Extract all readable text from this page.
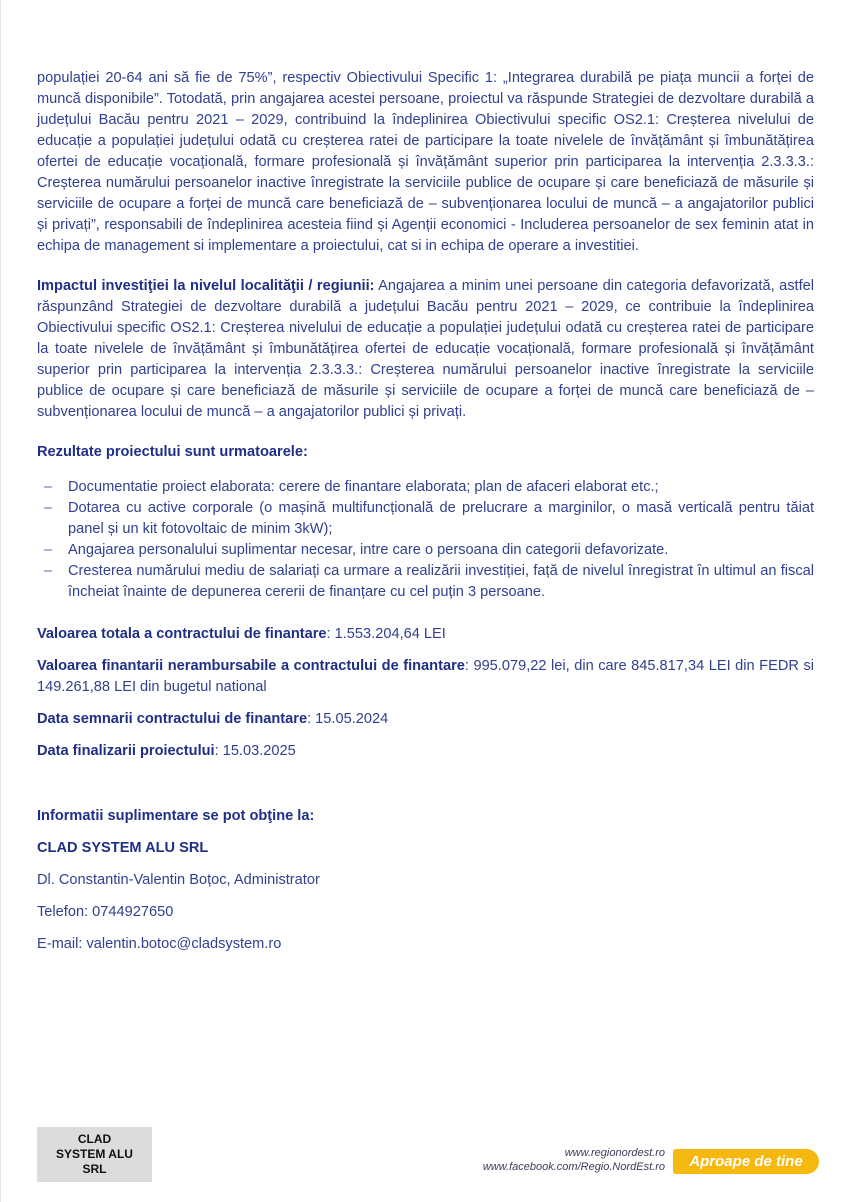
populației 20-64 ani să fie de 75%”, respectiv Obiectivului Specific 1: „Integrarea durabilă pe piața muncii a forței de muncă disponibile”. Totodată, prin angajarea acestei persoane, proiectul va răspunde Strategiei de dezvoltare durabilă a județului Bacău pentru 2021 – 2029, contribuind la îndeplinirea Obiectivului specific OS2.1: Creșterea nivelului de educație a populației județului odată cu creșterea ratei de participare la toate nivelele de învățământ și îmbunătățirea ofertei de educație vocațională, formare profesională și învățământ superior prin participarea la intervenția 2.3.3.3.: Creșterea numărului persoanelor inactive înregistrate la serviciile publice de ocupare și care beneficiază de măsurile și serviciile de ocupare a forței de muncă care beneficiază de – subvenționarea locului de muncă – a angajatorilor publici și privați”, responsabili de îndeplinirea acesteia fiind și Agenții economici - Includerea persoanelor de sex feminin atat in echipa de management si implementare a proiectului, cat si in echipa de operare a investitiei.

Impactul investiţiei la nivelul localităţii / regiunii: Angajarea a minim unei persoane din categoria defavorizată, astfel răspunzând Strategiei de dezvoltare durabilă a județului Bacău pentru 2021 – 2029, ce contribuie la îndeplinirea Obiectivului specific OS2.1: Creșterea nivelului de educație a populației județului odată cu creșterea ratei de participare la toate nivelele de învățământ și îmbunătățirea ofertei de educație vocațională, formare profesională și învățământ superior prin participarea la intervenția 2.3.3.3.: Creșterea numărului persoanelor inactive înregistrate la serviciile publice de ocupare și care beneficiază de măsurile și serviciile de ocupare a forței de muncă care beneficiază de – subvenționarea locului de muncă – a angajatorilor publici și privați.

Rezultate proiectului sunt urmatoarele:

– Documentatie proiect elaborata: cerere de finantare elaborata; plan de afaceri elaborat etc.;
– Dotarea cu active corporale (o mașină multifuncțională de prelucrare a marginilor, o masă verticală pentru tăiat panel și un kit fotovoltaic de minim 3kW);
– Angajarea personalului suplimentar necesar, intre care o persoana din categorii defavorizate.
– Cresterea numărului mediu de salariați ca urmare a realizării investiției, față de nivelul înregistrat în ultimul an fiscal încheiat înainte de depunerea cererii de finanțare cu cel puțin 3 persoane.

Valoarea totala a contractului de finantare: 1.553.204,64 LEI

Valoarea finantarii nerambursabile a contractului de finantare: 995.079,22 lei, din care 845.817,34 LEI din FEDR si 149.261,88 LEI din bugetul national

Data semnarii contractului de finantare: 15.05.2024

Data finalizarii proiectului: 15.03.2025

Informatii suplimentare se pot obţine la:

CLAD SYSTEM ALU SRL

Dl. Constantin-Valentin Boțoc, Administrator

Telefon: 0744927650

E-mail: valentin.botoc@cladsystem.ro

CLAD
SYSTEM ALU
SRL
www.regionordest.ro
www.facebook.com/Regio.NordEst.ro	Aproape de tine
